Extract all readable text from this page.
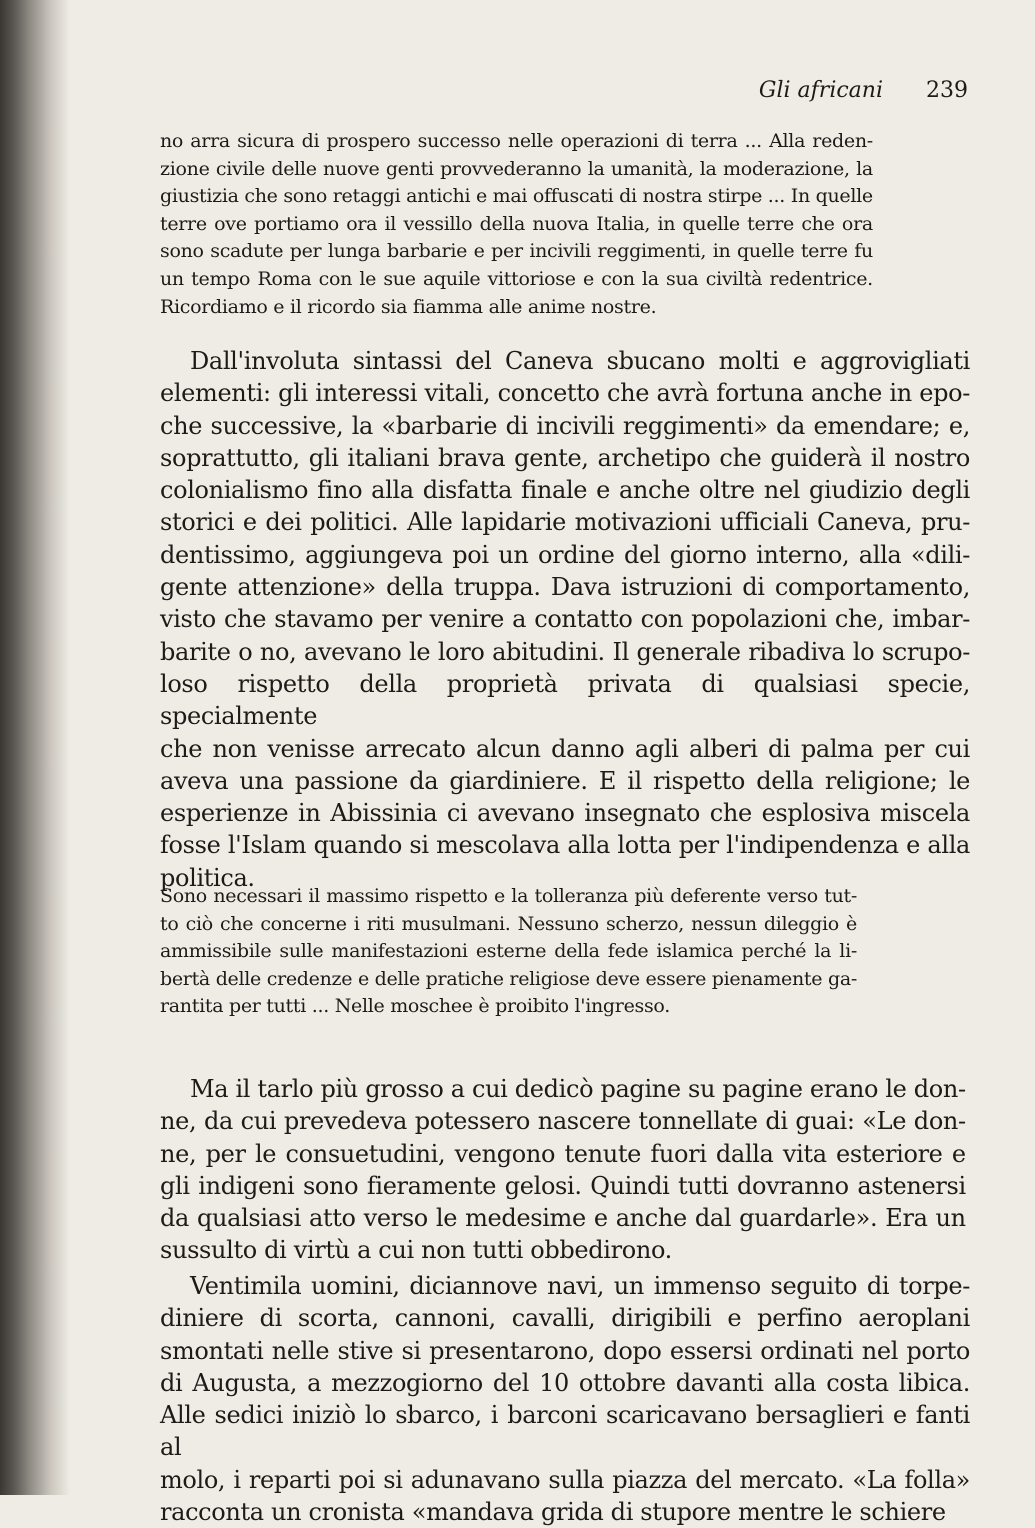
Gli africani 239

no arra sicura di prospero successo nelle operazioni di terra ... Alla reden-

zione civile delle nuove genti provvederanno la umanità, la moderazione, la

giustizia che sono retaggi antichi e mai offuscati di nostra stirpe ... In quelle

terre ove portiamo ora il vessillo della nuova Italia, in quelle terre che ora

sono scadute per lunga barbarie e per incivili reggimenti, in quelle terre fu

un tempo Roma con le sue aquile vittoriose e con la sua civiltà redentrice.

Ricordiamo e il ricordo sia fiamma alle anime nostre.

Dall'involuta sintassi del Caneva sbucano molti e aggrovigliati

elementi: gli interessi vitali, concetto che avrà fortuna anche in epo-

che successive, la «barbarie di incivili reggimenti» da emendare; e,

soprattutto, gli italiani brava gente, archetipo che guiderà il nostro

colonialismo fino alla disfatta finale e anche oltre nel giudizio degli

storici e dei politici. Alle lapidarie motivazioni ufficiali Caneva, pru-

dentissimo, aggiungeva poi un ordine del giorno interno, alla «dili-

gente attenzione» della truppa. Dava istruzioni di comportamento,

visto che stavamo per venire a contatto con popolazioni che, imbar-

barite o no, avevano le loro abitudini. Il generale ribadiva lo scrupo-

loso rispetto della proprietà privata di qualsiasi specie, specialmente

che non venisse arrecato alcun danno agli alberi di palma per cui

aveva una passione da giardiniere. E il rispetto della religione; le

esperienze in Abissinia ci avevano insegnato che esplosiva miscela

fosse l'Islam quando si mescolava alla lotta per l'indipendenza e alla

politica.

Sono necessari il massimo rispetto e la tolleranza più deferente verso tut-

to ciò che concerne i riti musulmani. Nessuno scherzo, nessun dileggio è

ammissibile sulle manifestazioni esterne della fede islamica perché la li-

bertà delle credenze e delle pratiche religiose deve essere pienamente ga-

rantita per tutti ... Nelle moschee è proibito l'ingresso.

Ma il tarlo più grosso a cui dedicò pagine su pagine erano le don-

ne, da cui prevedeva potessero nascere tonnellate di guai: «Le don-

ne, per le consuetudini, vengono tenute fuori dalla vita esteriore e

gli indigeni sono fieramente gelosi. Quindi tutti dovranno astenersi

da qualsiasi atto verso le medesime e anche dal guardarle». Era un

sussulto di virtù a cui non tutti obbedirono.

Ventimila uomini, diciannove navi, un immenso seguito di torpe-

diniere di scorta, cannoni, cavalli, dirigibili e perfino aeroplani

smontati nelle stive si presentarono, dopo essersi ordinati nel porto

di Augusta, a mezzogiorno del 10 ottobre davanti alla costa libica.

Alle sedici iniziò lo sbarco, i barconi scaricavano bersaglieri e fanti al

molo, i reparti poi si adunavano sulla piazza del mercato. «La folla»

racconta un cronista «mandava grida di stupore mentre le schiere
